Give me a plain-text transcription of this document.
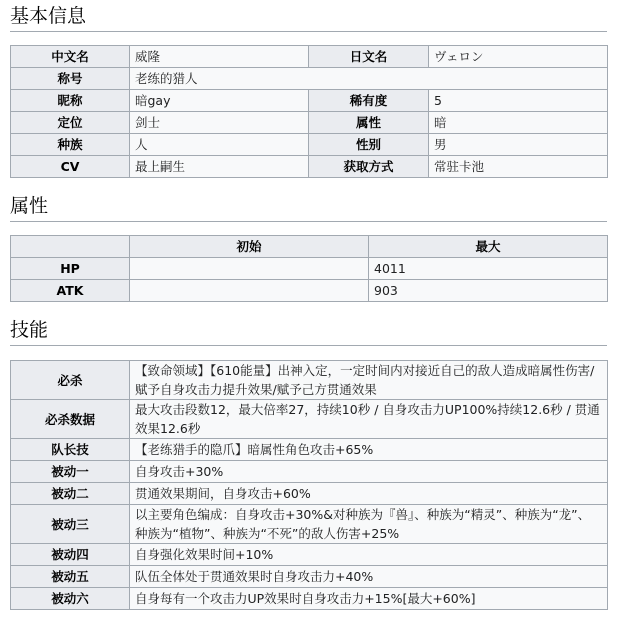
基本信息
中文名	威隆	日文名	ヴェロン
称号	老练的猎人		
昵称	暗gay	稀有度	5
定位	剑士	属性	暗
种族	人	性别	男
CV	最上嗣生	获取方式	常驻卡池
属性
	初始	最大
HP		4011
ATK		903
技能
必杀	【致命领域】【610能量】出神入定，一定时间内对接近自己的敌人造成暗属性伤害/赋予自身攻击力提升效果/赋予己方贯通效果
必杀数据	最大攻击段数12，最大倍率27，持续10秒 / 自身攻击力UP100%持续12.6秒 / 贯通效果12.6秒
队长技	【老练猎手的隐爪】暗属性角色攻击+65%
被动一	自身攻击+30%
被动二	贯通效果期间，自身攻击+60%
被动三	以主要角色编成：自身攻击+30%&对种族为『兽』、种族为“精灵”、种族为“龙”、种族为“植物”、种族为“不死”的敌人伤害+25%
被动四	自身强化效果时间+10%
被动五	队伍全体处于贯通效果时自身攻击力+40%
被动六	自身每有一个攻击力UP效果时自身攻击力+15%[最大+60%]
